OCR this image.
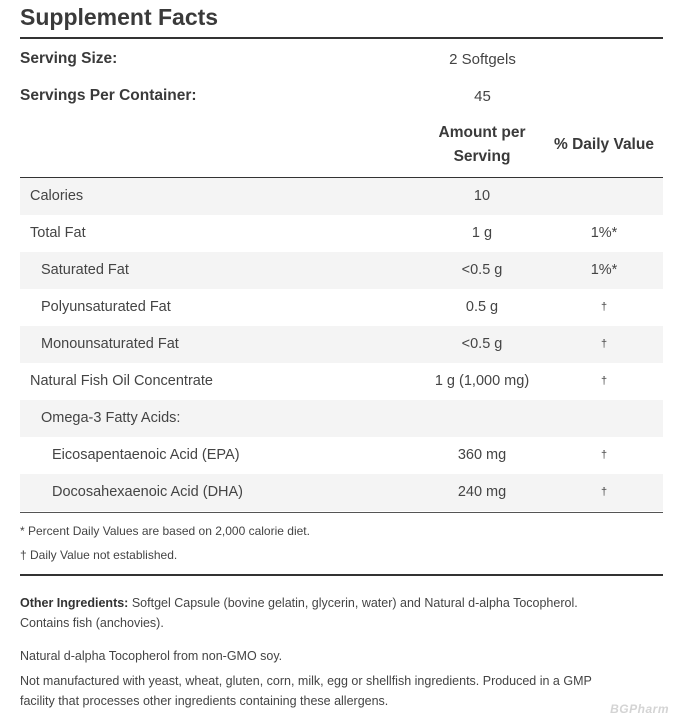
Supplement Facts
Serving Size:	2 Softgels
Servings Per Container:	45
Amount per
Serving
% Daily Value
Calories	10
Total Fat	1 g	1%*
Saturated Fat	<0.5 g	1%*
Polyunsaturated Fat	0.5 g	†
Monounsaturated Fat	<0.5 g	†
Natural Fish Oil Concentrate	1 g (1,000 mg)	†
Omega-3 Fatty Acids:
Eicosapentaenoic Acid (EPA)	360 mg	†
Docosahexaenoic Acid (DHA)	240 mg	†
* Percent Daily Values are based on 2,000 calorie diet.
† Daily Value not established.
Other Ingredients: Softgel Capsule (bovine gelatin, glycerin, water) and Natural d-alpha Tocopherol. Contains fish (anchovies).
Natural d-alpha Tocopherol from non-GMO soy.
Not manufactured with yeast, wheat, gluten, corn, milk, egg or shellfish ingredients. Produced in a GMP facility that processes other ingredients containing these allergens.
BGPharm
